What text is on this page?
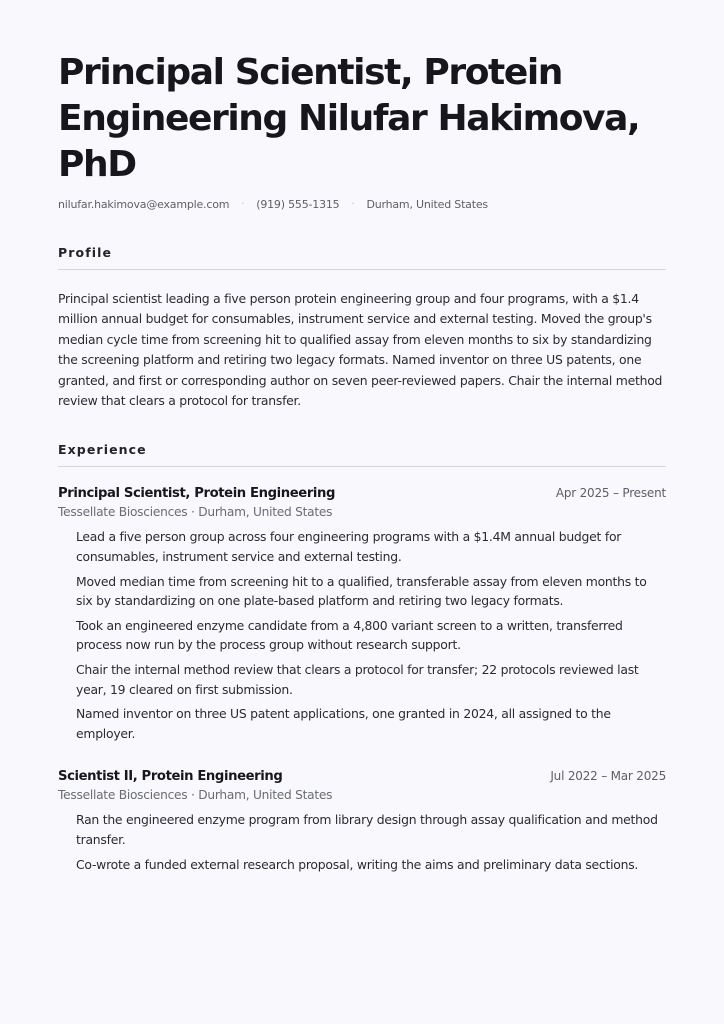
Principal Scientist, Protein Engineering Nilufar Hakimova, PhD
nilufar.hakimova@example.com · (919) 555-1315 · Durham, United States
Profile

Principal scientist leading a five person protein engineering group and four programs, with a $1.4 million annual budget for consumables, instrument service and external testing. Moved the group's median cycle time from screening hit to qualified assay from eleven months to six by standardizing the screening platform and retiring two legacy formats. Named inventor on three US patents, one granted, and first or corresponding author on seven peer-reviewed papers. Chair the internal method review that clears a protocol for transfer.

Experience
Principal Scientist, Protein Engineering	Apr 2025 – Present
Tessellate Biosciences · Durham, United States
Lead a five person group across four engineering programs with a $1.4M annual budget for consumables, instrument service and external testing.
Moved median time from screening hit to a qualified, transferable assay from eleven months to six by standardizing on one plate-based platform and retiring two legacy formats.
Took an engineered enzyme candidate from a 4,800 variant screen to a written, transferred process now run by the process group without research support.
Chair the internal method review that clears a protocol for transfer; 22 protocols reviewed last year, 19 cleared on first submission.
Named inventor on three US patent applications, one granted in 2024, all assigned to the employer.
Scientist II, Protein Engineering	Jul 2022 – Mar 2025
Tessellate Biosciences · Durham, United States
Ran the engineered enzyme program from library design through assay qualification and method transfer.
Co-wrote a funded external research proposal, writing the aims and preliminary data sections.
